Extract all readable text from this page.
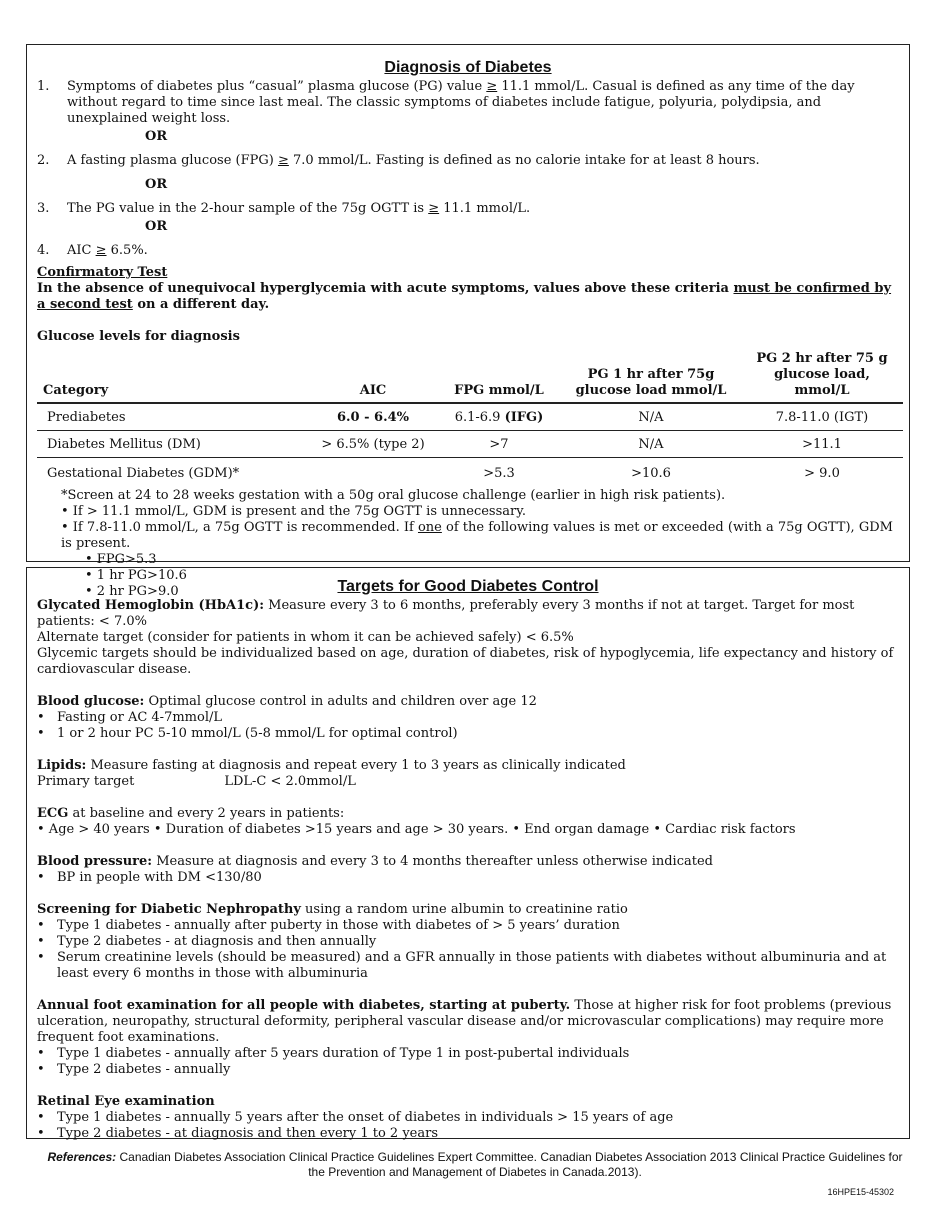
Diagnosis of Diabetes
1.	Symptoms of diabetes plus “casual” plasma glucose (PG) value ≥ 11.1 mmol/L. Casual is defined as any time of the day without regard to time since last meal. The classic symptoms of diabetes include fatigue, polyuria, polydipsia, and unexplained weight loss.
OR
2.	A fasting plasma glucose (FPG) ≥ 7.0 mmol/L. Fasting is defined as no calorie intake for at least 8 hours.
OR
3.	The PG value in the 2-hour sample of the 75g OGTT is ≥ 11.1 mmol/L.
OR
4.	AIC ≥ 6.5%.
Confirmatory Test
In the absence of unequivocal hyperglycemia with acute symptoms, values above these criteria must be confirmed by a second test on a different day.
Glucose levels for diagnosis
Category	AIC	FPG mmol/L	PG 1 hr after 75g glucose load mmol/L	PG 2 hr after 75 g glucose load, mmol/L
Prediabetes	6.0 - 6.4%	6.1-6.9 (IFG)	N/A	7.8-11.0 (IGT)
Diabetes Mellitus (DM)	> 6.5% (type 2)	>7	N/A	>11.1
Gestational Diabetes (GDM)*		>5.3	>10.6	> 9.0
*Screen at 24 to 28 weeks gestation with a 50g oral glucose challenge (earlier in high risk patients).
• If > 11.1 mmol/L, GDM is present and the 75g OGTT is unnecessary.
• If 7.8-11.0 mmol/L, a 75g OGTT is recommended. If one of the following values is met or exceeded (with a 75g OGTT), GDM is present.
• FPG>5.3
• 1 hr PG>10.6
• 2 hr PG>9.0	Targets for Good Diabetes Control
Glycated Hemoglobin (HbA1c): Measure every 3 to 6 months, preferably every 3 months if not at target. Target for most patients: < 7.0%
Alternate target (consider for patients in whom it can be achieved safely) < 6.5%
Glycemic targets should be individualized based on age, duration of diabetes, risk of hypoglycemia, life expectancy and history of cardiovascular disease.
Blood glucose: Optimal glucose control in adults and children over age 12
• Fasting or AC 4-7mmol/L
• 1 or 2 hour PC 5-10 mmol/L (5-8 mmol/L for optimal control)
Lipids: Measure fasting at diagnosis and repeat every 1 to 3 years as clinically indicated
Primary target	LDL-C < 2.0mmol/L
ECG at baseline and every 2 years in patients:
• Age > 40 years • Duration of diabetes >15 years and age > 30 years. • End organ damage • Cardiac risk factors
Blood pressure: Measure at diagnosis and every 3 to 4 months thereafter unless otherwise indicated
• BP in people with DM <130/80
Screening for Diabetic Nephropathy using a random urine albumin to creatinine ratio
• Type 1 diabetes - annually after puberty in those with diabetes of > 5 years’ duration
• Type 2 diabetes - at diagnosis and then annually
• Serum creatinine levels (should be measured) and a GFR annually in those patients with diabetes without albuminuria and at least every 6 months in those with albuminuria
Annual foot examination for all people with diabetes, starting at puberty. Those at higher risk for foot problems (previous ulceration, neuropathy, structural deformity, peripheral vascular disease and/or microvascular complications) may require more frequent foot examinations.
• Type 1 diabetes - annually after 5 years duration of Type 1 in post-pubertal individuals
• Type 2 diabetes - annually
Retinal Eye examination
• Type 1 diabetes - annually 5 years after the onset of diabetes in individuals > 15 years of age
• Type 2 diabetes - at diagnosis and then every 1 to 2 years
References: Canadian Diabetes Association Clinical Practice Guidelines Expert Committee. Canadian Diabetes Association 2013 Clinical Practice Guidelines for the Prevention and Management of Diabetes in Canada.2013).
16HPE15-45302
